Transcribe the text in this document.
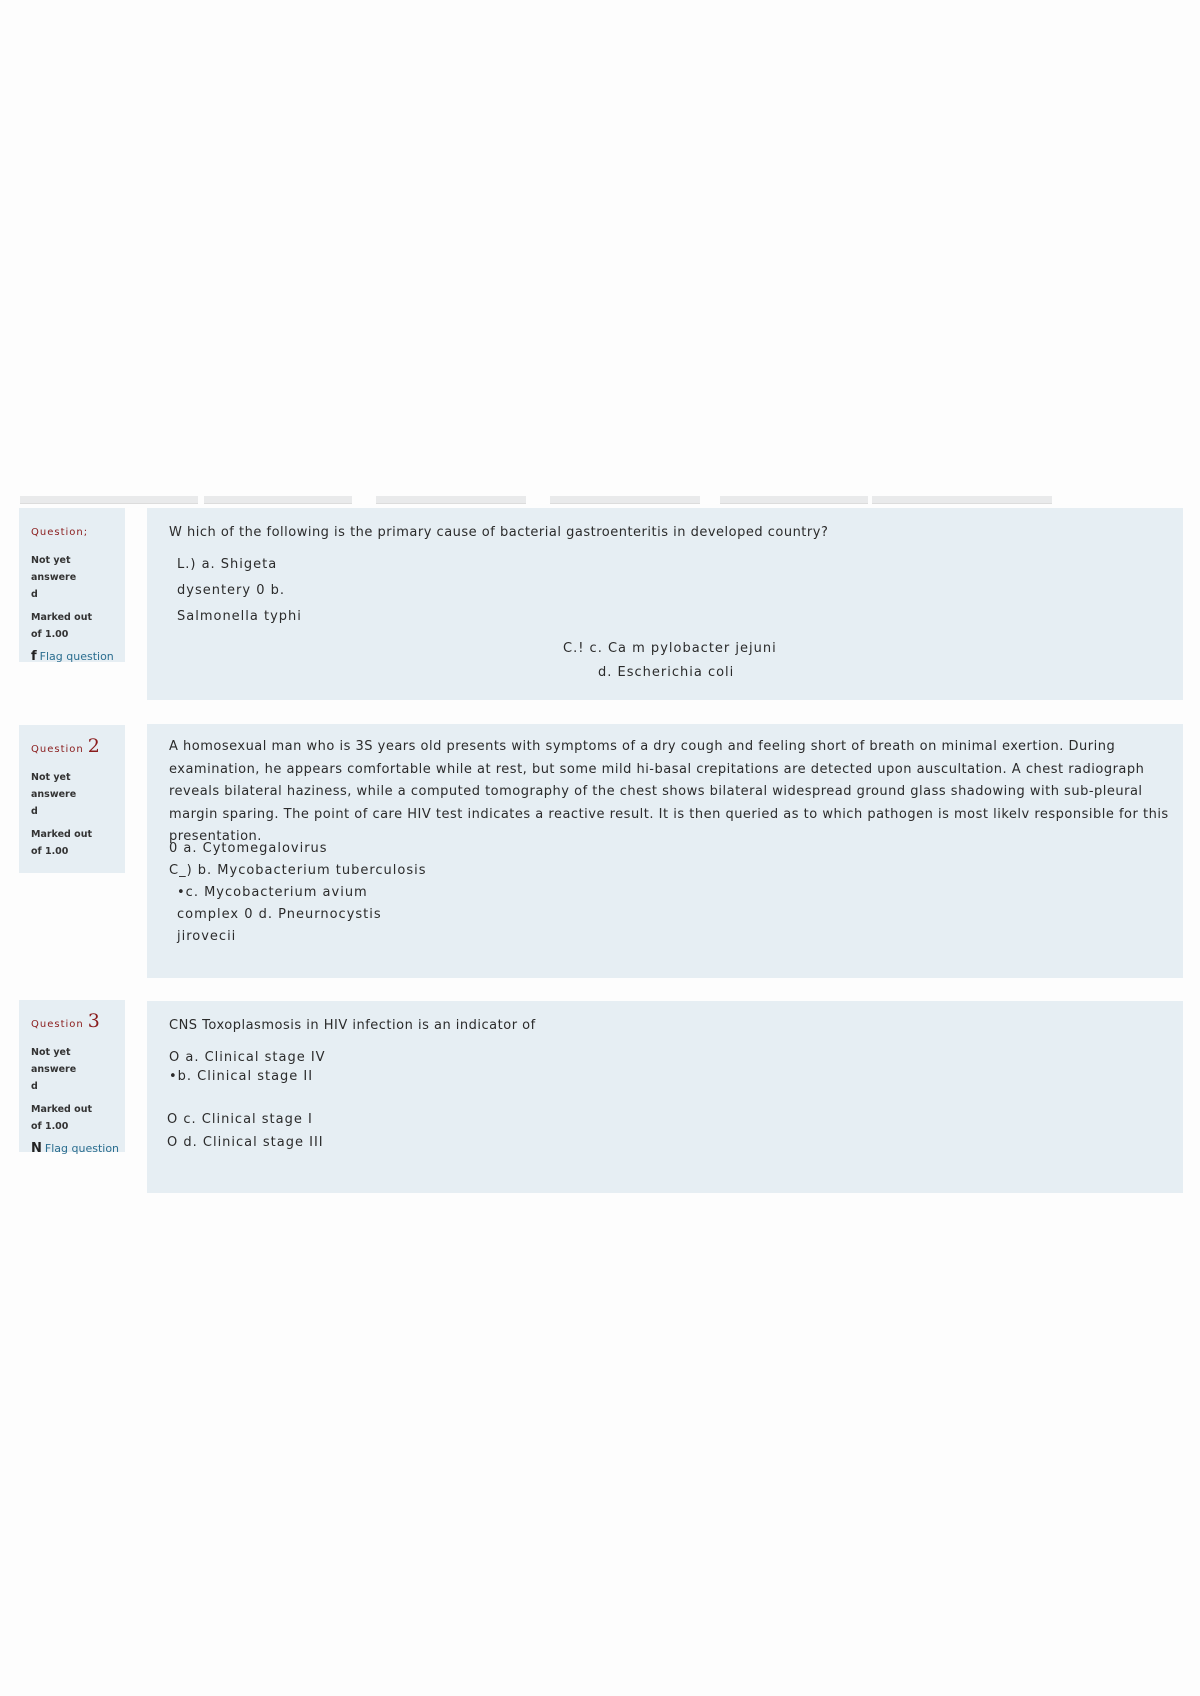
Question;
Not yet
answere
d
Marked out
of 1.00
f Flag question
W hich of the following is the primary cause of bacterial gastroenteritis in developed country?
L.) a. Shigeta
dysentery 0 b.
Salmonella typhi
C.! c. Ca m pylobacter jejuni
d. Escherichia coli
Question 2
Not yet
answere
d
Marked out
of 1.00
A homosexual man who is 3S years old presents with symptoms of a dry cough and feeling short of breath on minimal exertion. During examination, he appears comfortable while at rest, but some mild hi-basal crepitations are detected upon auscultation. A chest radiograph reveals bilateral haziness, while a computed tomography of the chest shows bilateral widespread ground glass shadowing with sub-pleural margin sparing. The point of care HIV test indicates a reactive result. It is then queried as to which pathogen is most likelv responsible for this presentation.
0 a. Cytomegalovirus
C_) b. Mycobacterium tuberculosis
•c. Mycobacterium avium
complex 0 d. Pneurnocystis
jirovecii
Question 3
Not yet
answere
d
Marked out
of 1.00
N Flag question
CNS Toxoplasmosis in HIV infection is an indicator of
O a. Clinical stage IV
•b. Clinical stage II
O c. Clinical stage I
O d. Clinical stage III
